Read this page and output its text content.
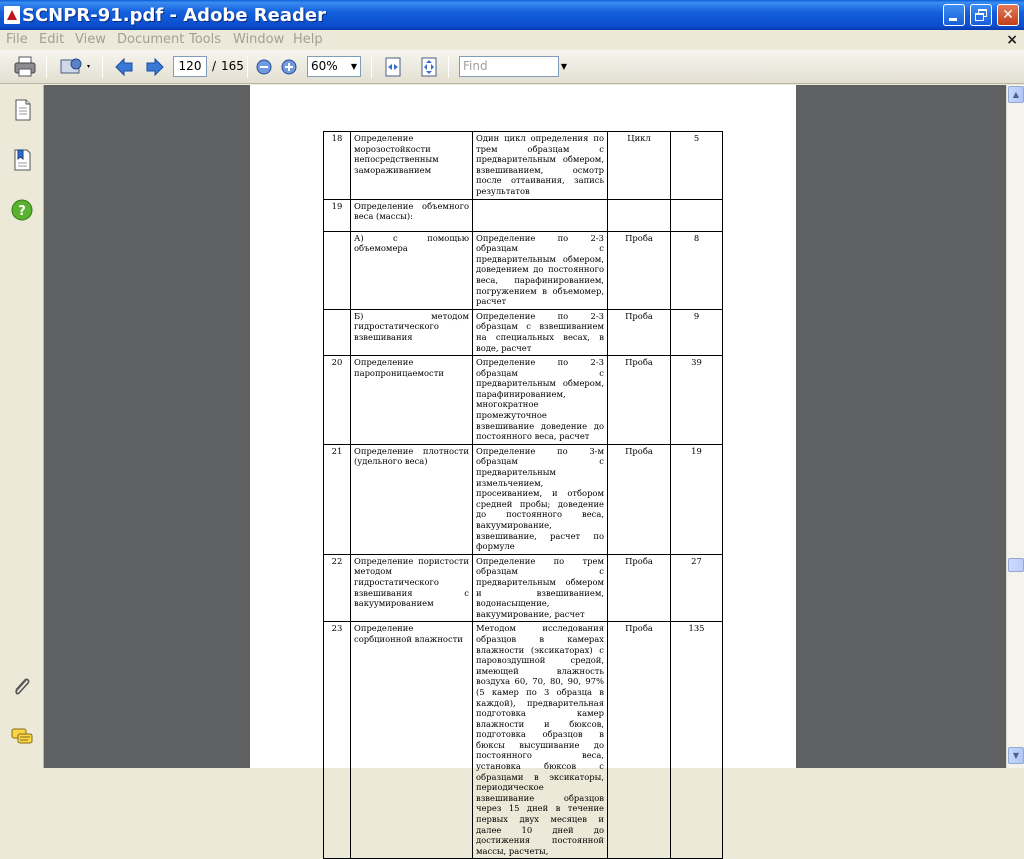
SCNPR-91.pdf - Adobe Reader	✕
File Edit View Document Tools Window Help	×
120 / 165	60%	▼	Find	▼
?
18	Определение морозостойкости непосредственным замораживанием	Один цикл определения по трем образцам с предварительным обмером, взвешиванием, осмотр после оттаивания, запись результатов	Цикл	5
19	Определение объемного веса (массы):			
	А) с помощью объемомера	Определение по 2-3 образцам с предварительным обмером, доведением до постоянного веса, парафинированием, погружением в объемомер, расчет	Проба	8
	Б) методом гидростатического взвешивания	Определение по 2-3 образцам с взвешиванием на специальных весах, в воде, расчет	Проба	9
20	Определение паропроницаемости	Определение по 2-3 образцам с предварительным обмером, парафинированием, многократное промежуточное взвешивание доведение до постоянного веса, расчет	Проба	39
21	Определение плотности (удельного веса)	Определение по 3-м образцам с предварительным измельчением, просеиванием, и отбором средней пробы; доведение до постоянного веса, вакуумирование, взвешивание, расчет по формуле	Проба	19
22	Определение пористости методом гидростатического взвешивания с вакуумированием	Определение по трем образцам с предварительным обмером и взвешиванием, водонасыщение, вакуумирование, расчет	Проба	27
23	Определение сорбционной влажности	Методом исследования образцов в камерах влажности (эксикаторах) с паровоздушной средой, имеющей влажность воздуха 60, 70, 80, 90, 97% (5 камер по 3 образца в каждой), предварительная подготовка камер влажности и бюксов, подготовка образцов в бюксы высушивание до постоянного веса, установка бюксов с образцами в эксикаторы, периодическое взвешивание образцов через 15 дней в течение первых двух месяцев и далее 10 дней до достижения постоянной массы, расчеты,	Проба	135
▲
▼
